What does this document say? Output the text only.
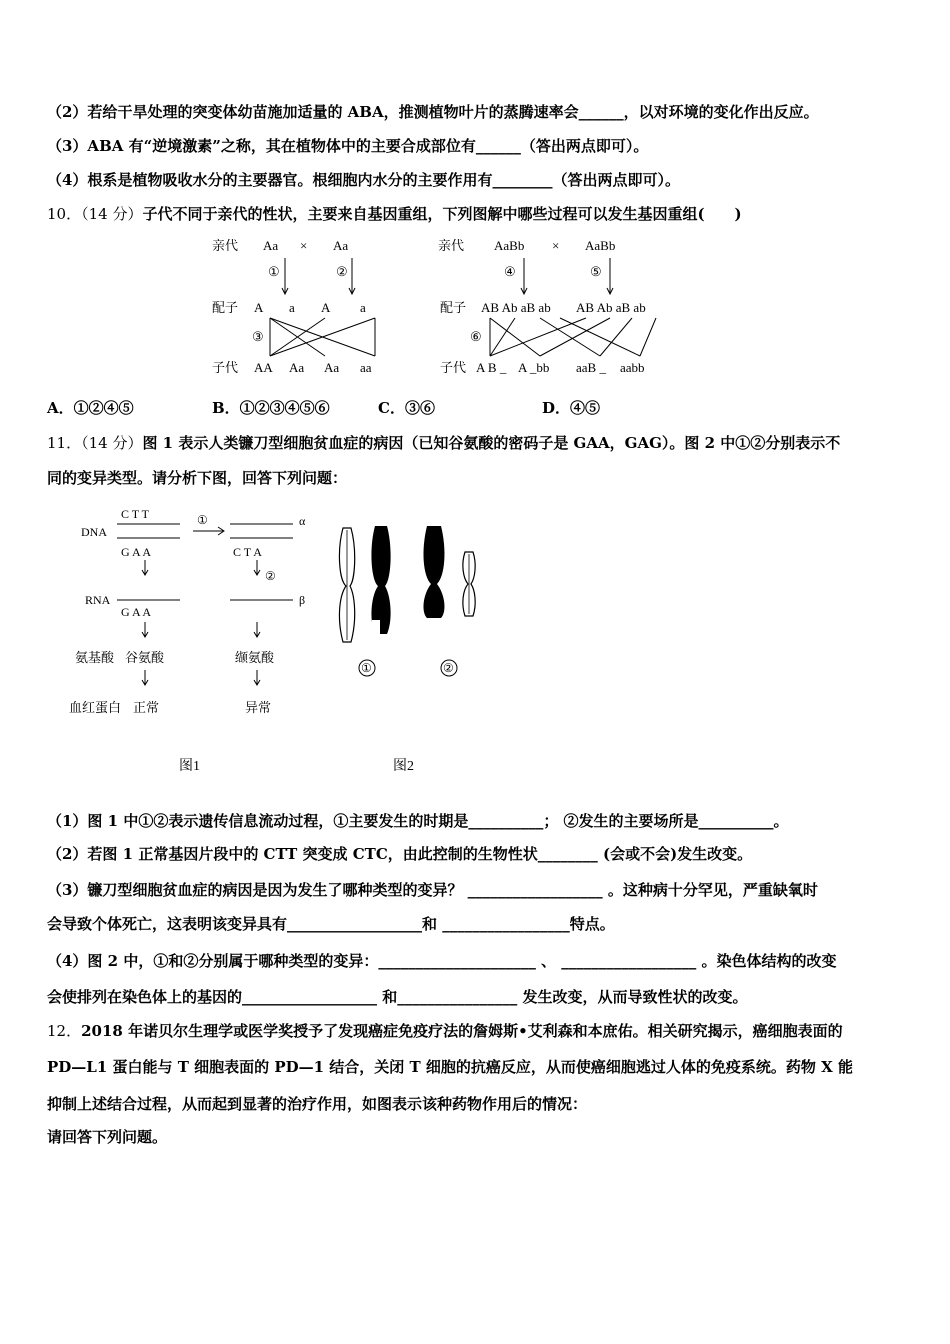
（2）若给干旱处理的突变体幼苗施加适量的 ABA，推测植物叶片的蒸腾速率会______，以对环境的变化作出反应。
（3）ABA 有“逆境激素”之称，其在植物体中的主要合成部位有______（答出两点即可）。
（4）根系是植物吸收水分的主要器官。根细胞内水分的主要作用有________（答出两点即可）。
10．（14 分）子代不同于亲代的性状，主要来自基因重组，下列图解中哪些过程可以发生基因重组(　　)
亲代 Aa × Aa
①	②
配子 A a A a
③
子代 AA Aa Aa aa
亲代 AaBb × AaBb
④	⑤
配子 AB Ab aB ab AB Ab aB ab
⑥
子代 A B _ A _bb aaB _ aabb
A．①②④⑤	B．①②③④⑤⑥	C．③⑥	D．④⑤
11．（14 分）图 1 表示人类镰刀型细胞贫血症的病因（已知谷氨酸的密码子是 GAA，GAG）。图 2 中①②分别表示不
同的变异类型。请分析下图，回答下列问题：
DNA
C T T
G A A
①	α
C T A
②
RNA
G A A
β
氨基酸 谷氨酸	缬氨酸
血红蛋白 正常	异常
图1
①	②
图2
（1）图 1 中①②表示遗传信息流动过程，①主要发生的时期是__________； ②发生的主要场所是__________。
（2）若图 1 正常基因片段中的 CTT 突变成 CTC，由此控制的生物性状________ (会或不会)发生改变。
（3）镰刀型细胞贫血症的病因是因为发生了哪种类型的变异？ __________________ 。这种病十分罕见，严重缺氧时
会导致个体死亡，这表明该变异具有__________________和 _________________特点。
（4）图 2 中，①和②分别属于哪种类型的变异：_____________________ 、 __________________ 。染色体结构的改变
会使排列在染色体上的基因的__________________ 和________________ 发生改变，从而导致性状的改变。
12．2018 年诺贝尔生理学或医学奖授予了发现癌症免疫疗法的詹姆斯•艾利森和本庶佑。相关研究揭示，癌细胞表面的
PD—L1 蛋白能与 T 细胞表面的 PD—1 结合，关闭 T 细胞的抗癌反应，从而使癌细胞逃过人体的免疫系统。药物 X 能
抑制上述结合过程，从而起到显著的治疗作用，如图表示该种药物作用后的情况：
请回答下列问题。
